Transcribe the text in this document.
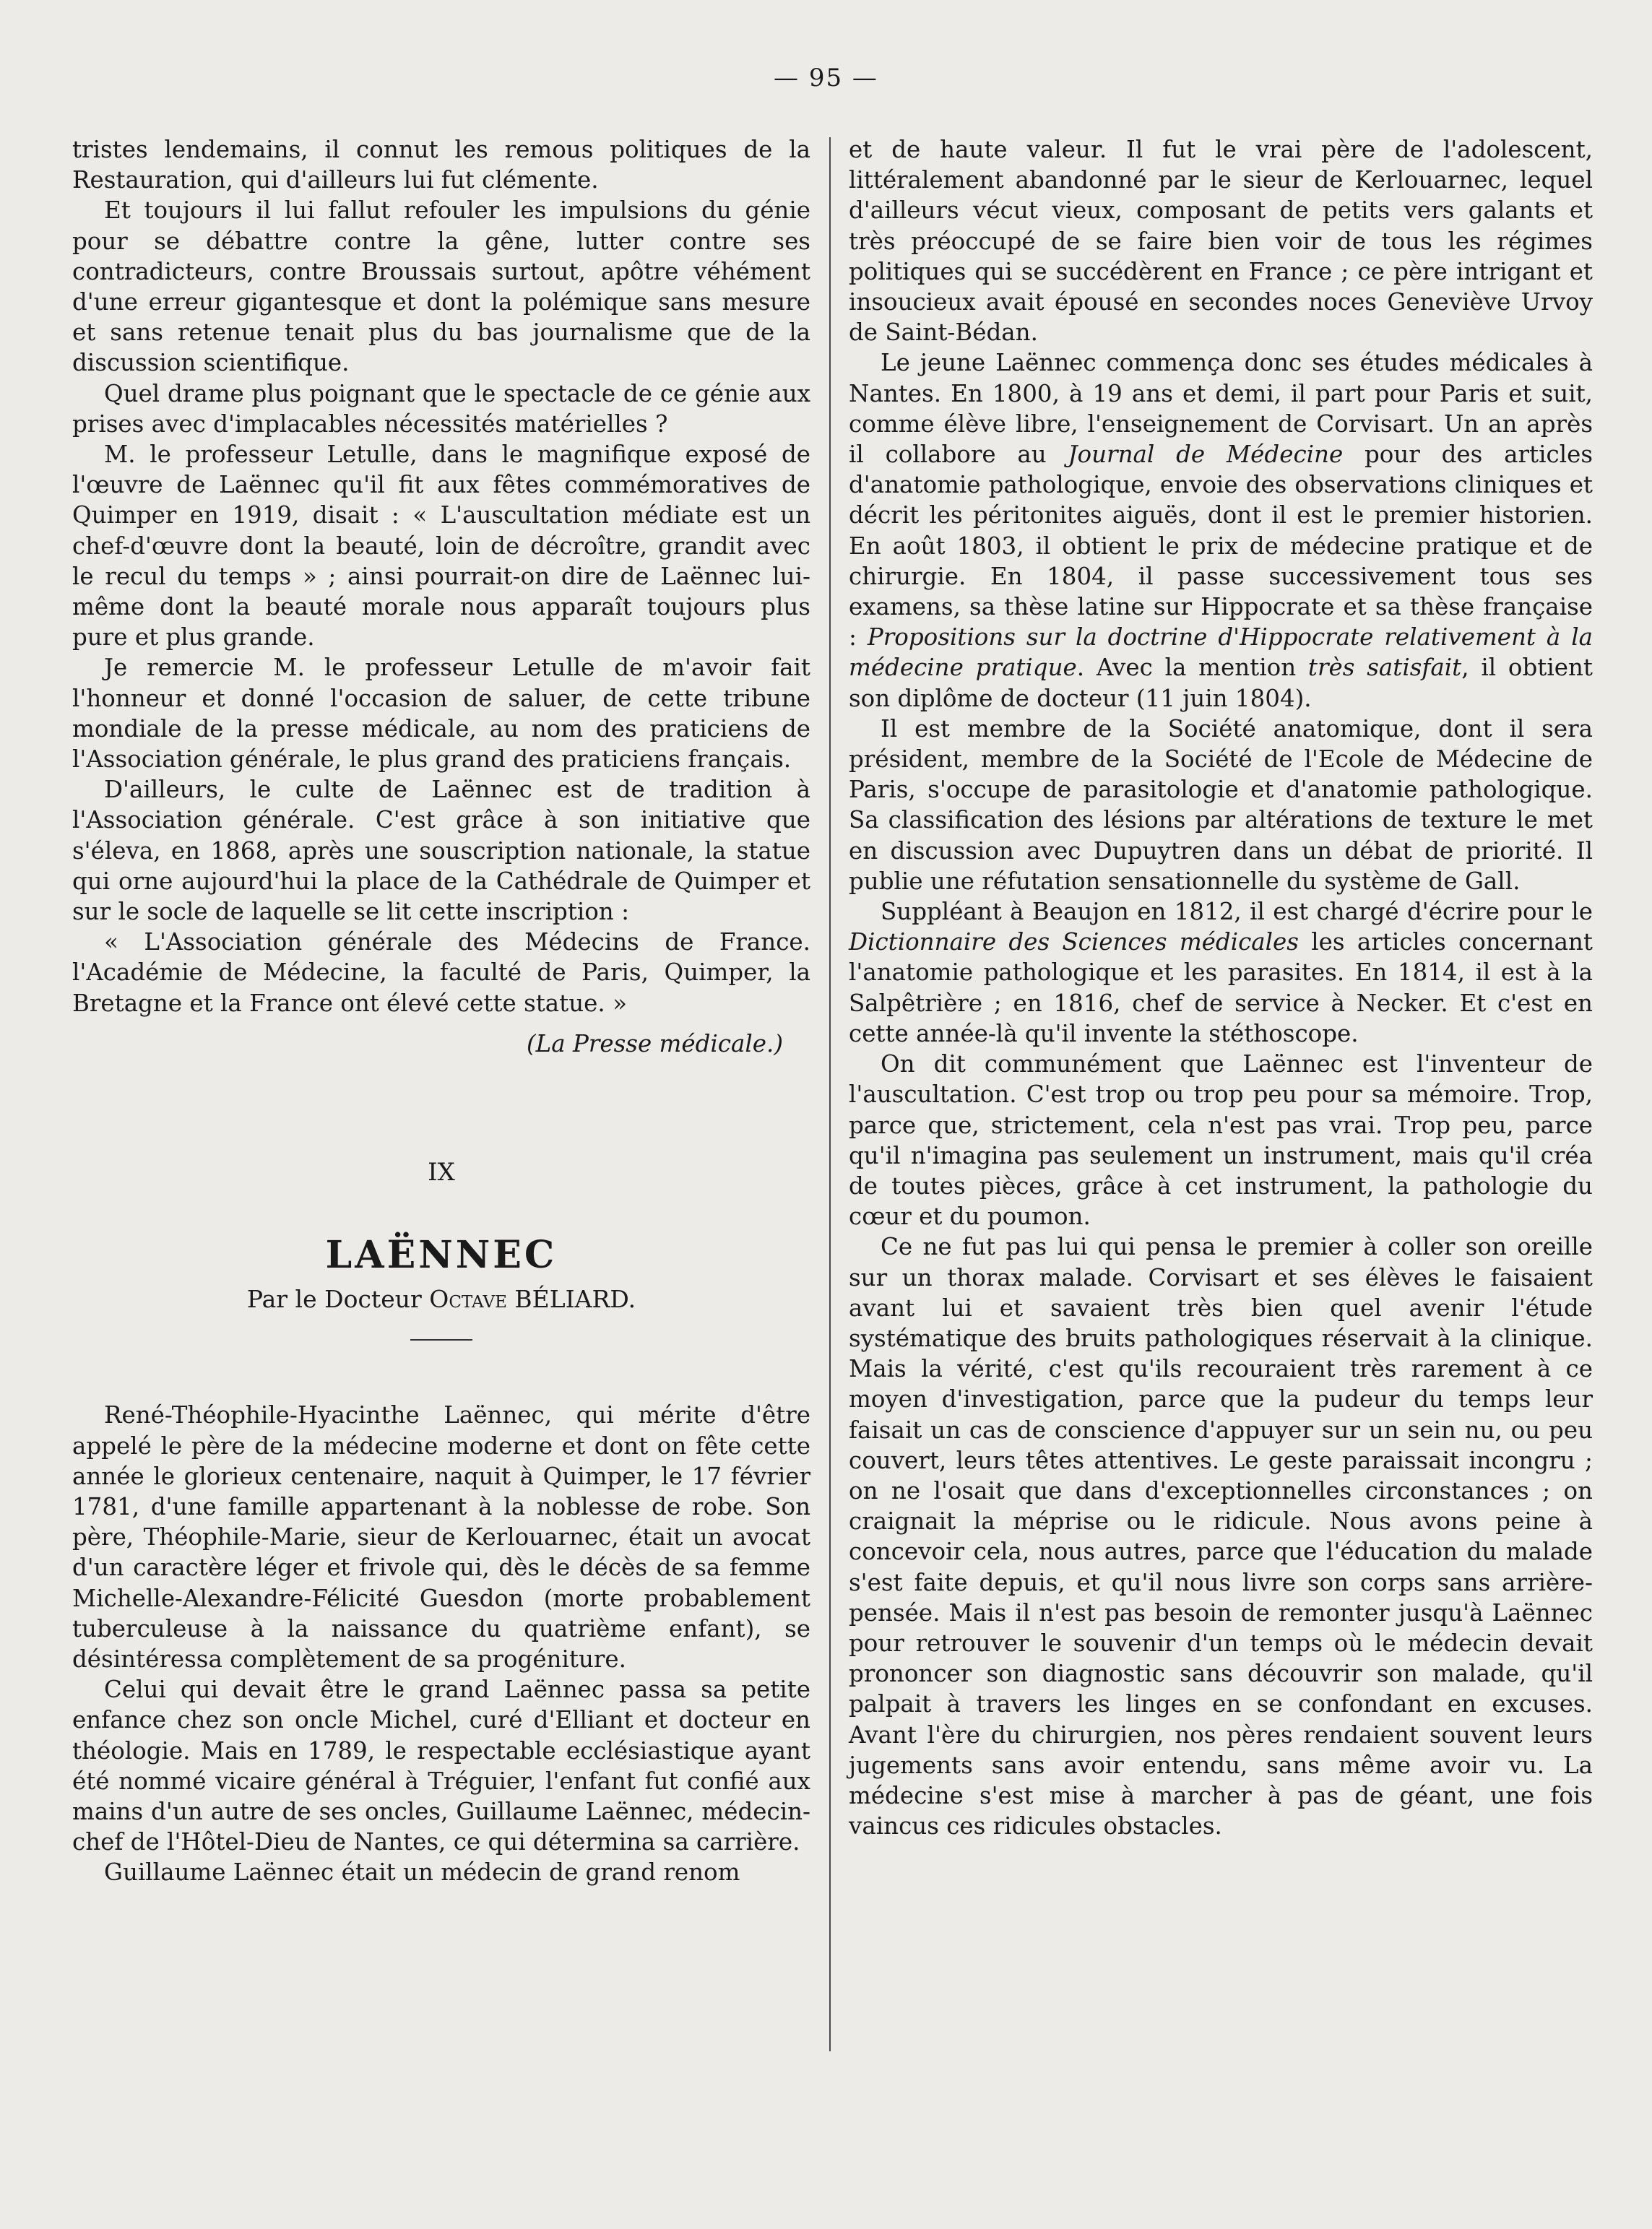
— 95 —

tristes lendemains, il connut les remous politiques de la Restauration, qui d'ailleurs lui fut clémente.

Et toujours il lui fallut refouler les impulsions du génie pour se débattre contre la gêne, lutter contre ses contradicteurs, contre Broussais surtout, apôtre véhément d'une erreur gigantesque et dont la polémique sans mesure et sans retenue tenait plus du bas journalisme que de la discussion scientifique.

Quel drame plus poignant que le spectacle de ce génie aux prises avec d'implacables nécessités matérielles ?

M. le professeur Letulle, dans le magnifique exposé de l'œuvre de Laënnec qu'il fit aux fêtes commémoratives de Quimper en 1919, disait : « L'auscultation médiate est un chef-d'œuvre dont la beauté, loin de décroître, grandit avec le recul du temps » ; ainsi pourrait-on dire de Laënnec lui-même dont la beauté morale nous apparaît toujours plus pure et plus grande.

Je remercie M. le professeur Letulle de m'avoir fait l'honneur et donné l'occasion de saluer, de cette tribune mondiale de la presse médicale, au nom des praticiens de l'Association générale, le plus grand des praticiens français.

D'ailleurs, le culte de Laënnec est de tradition à l'Association générale. C'est grâce à son initiative que s'éleva, en 1868, après une souscription nationale, la statue qui orne aujourd'hui la place de la Cathédrale de Quimper et sur le socle de laquelle se lit cette inscription :

« L'Association générale des Médecins de France. l'Académie de Médecine, la faculté de Paris, Quimper, la Bretagne et la France ont élevé cette statue. »

(La Presse médicale.)

IX
LAËNNEC
Par le Docteur Octave BÉLIARD.

René-Théophile-Hyacinthe Laënnec, qui mérite d'être appelé le père de la médecine moderne et dont on fête cette année le glorieux centenaire, naquit à Quimper, le 17 février 1781, d'une famille appartenant à la noblesse de robe. Son père, Théophile-Marie, sieur de Kerlouarnec, était un avocat d'un caractère léger et frivole qui, dès le décès de sa femme Michelle-Alexandre-Félicité Guesdon (morte probablement tuberculeuse à la naissance du quatrième enfant), se désintéressa complètement de sa progéniture.

Celui qui devait être le grand Laënnec passa sa petite enfance chez son oncle Michel, curé d'Elliant et docteur en théologie. Mais en 1789, le respectable ecclésiastique ayant été nommé vicaire général à Tréguier, l'enfant fut confié aux mains d'un autre de ses oncles, Guillaume Laënnec, médecin-chef de l'Hôtel-Dieu de Nantes, ce qui détermina sa carrière.

Guillaume Laënnec était un médecin de grand renom

et de haute valeur. Il fut le vrai père de l'adolescent, littéralement abandonné par le sieur de Kerlouarnec, lequel d'ailleurs vécut vieux, composant de petits vers galants et très préoccupé de se faire bien voir de tous les régimes politiques qui se succédèrent en France ; ce père intrigant et insoucieux avait épousé en secondes noces Geneviève Urvoy de Saint-Bédan.

Le jeune Laënnec commença donc ses études médicales à Nantes. En 1800, à 19 ans et demi, il part pour Paris et suit, comme élève libre, l'enseignement de Corvisart. Un an après il collabore au Journal de Médecine pour des articles d'anatomie pathologique, envoie des observations cliniques et décrit les péritonites aiguës, dont il est le premier historien. En août 1803, il obtient le prix de médecine pratique et de chirurgie. En 1804, il passe successivement tous ses examens, sa thèse latine sur Hippocrate et sa thèse française : Propositions sur la doctrine d'Hippocrate relativement à la médecine pratique. Avec la mention très satisfait, il obtient son diplôme de docteur (11 juin 1804).

Il est membre de la Société anatomique, dont il sera président, membre de la Société de l'Ecole de Médecine de Paris, s'occupe de parasitologie et d'anatomie pathologique. Sa classification des lésions par altérations de texture le met en discussion avec Dupuytren dans un débat de priorité. Il publie une réfutation sensationnelle du système de Gall.

Suppléant à Beaujon en 1812, il est chargé d'écrire pour le Dictionnaire des Sciences médicales les articles concernant l'anatomie pathologique et les parasites. En 1814, il est à la Salpêtrière ; en 1816, chef de service à Necker. Et c'est en cette année-là qu'il invente la stéthoscope.

On dit communément que Laënnec est l'inventeur de l'auscultation. C'est trop ou trop peu pour sa mémoire. Trop, parce que, strictement, cela n'est pas vrai. Trop peu, parce qu'il n'imagina pas seulement un instrument, mais qu'il créa de toutes pièces, grâce à cet instrument, la pathologie du cœur et du poumon.

Ce ne fut pas lui qui pensa le premier à coller son oreille sur un thorax malade. Corvisart et ses élèves le faisaient avant lui et savaient très bien quel avenir l'étude systématique des bruits pathologiques réservait à la clinique. Mais la vérité, c'est qu'ils recouraient très rarement à ce moyen d'investigation, parce que la pudeur du temps leur faisait un cas de conscience d'appuyer sur un sein nu, ou peu couvert, leurs têtes attentives. Le geste paraissait incongru ; on ne l'osait que dans d'exceptionnelles circonstances ; on craignait la méprise ou le ridicule. Nous avons peine à concevoir cela, nous autres, parce que l'éducation du malade s'est faite depuis, et qu'il nous livre son corps sans arrière-pensée. Mais il n'est pas besoin de remonter jusqu'à Laënnec pour retrouver le souvenir d'un temps où le médecin devait prononcer son diagnostic sans découvrir son malade, qu'il palpait à travers les linges en se confondant en excuses. Avant l'ère du chirurgien, nos pères rendaient souvent leurs jugements sans avoir entendu, sans même avoir vu. La médecine s'est mise à marcher à pas de géant, une fois vaincus ces ridicules obstacles.
